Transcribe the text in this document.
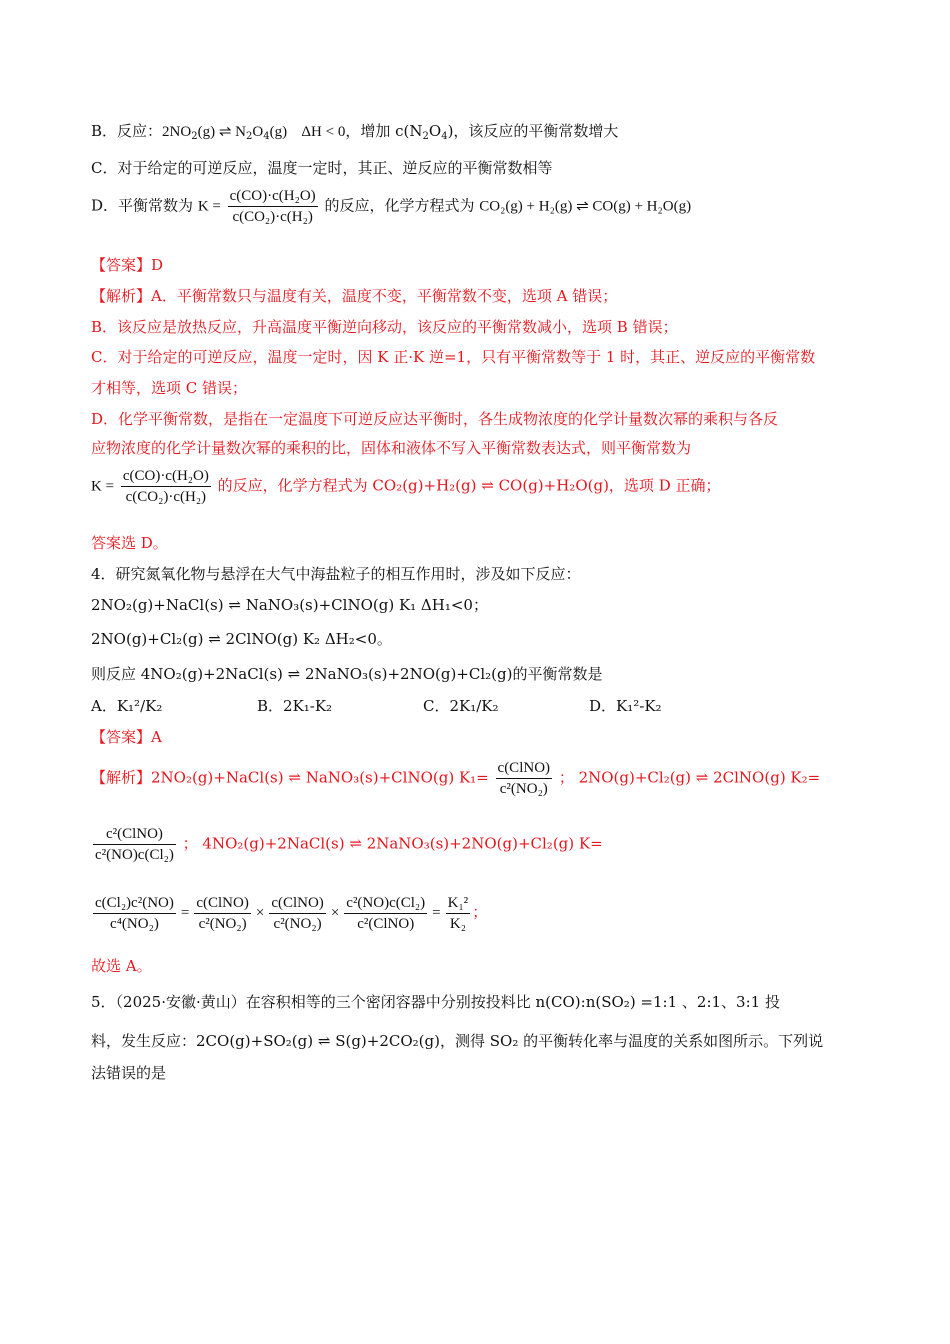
B．反应：$2NO_2(g)$ ⇌ $N_2O_4(g) \Delta H < 0$，增加 $c(N_2O_4)$，该反应的平衡常数增大
C．对于给定的可逆反应，温度一定时，其正、逆反应的平衡常数相等
D．平衡常数为 $K = \frac{\text{c(CO)·c(H₂O)}}{\text{c(CO₂)·c(H₂)}}$ 的反应，化学方程式为 CO₂(g) + H₂(g) ⇌ CO(g) + H₂O(g)
【答案】D
【解析】A．平衡常数只与温度有关，温度不变，平衡常数不变，选项 A 错误；
B．该反应是放热反应，升高温度平衡逆向移动，该反应的平衡常数减小，选项 B 错误；
C．对于给定的可逆反应，温度一定时，因 K 正·K 逆=1，只有平衡常数等于 1 时，其正、逆反应的平衡常数
才相等，选项 C 错误；
D．化学平衡常数，是指在一定温度下可逆反应达平衡时，各生成物浓度的化学计量数次幂的乘积与各反
应物浓度的化学计量数次幂的乘积的比，固体和液体不写入平衡常数表达式，则平衡常数为
$K = \frac{\text{c(CO)·c(H₂O)}}{\text{c(CO₂)·c(H₂)}}$ 的反应，化学方程式为 CO₂(g)+H₂(g) ⇌ CO(g)+H₂O(g)，选项 D 正确；
答案选 D。
4．研究氮氧化物与悬浮在大气中海盐粒子的相互作用时，涉及如下反应：
2NO₂(g)+NaCl(s) ⇌ NaNO₃(s)+ClNO(g) K₁ ΔH₁<0；
2NO(g)+Cl₂(g) ⇌ 2ClNO(g) K₂ ΔH₂<0。
则反应 4NO₂(g)+2NaCl(s) ⇌ 2NaNO₃(s)+2NO(g)+Cl₂(g)的平衡常数是
A．K₁²/K₂	B．2K₁-K₂	C．2K₁/K₂	D．K₁²-K₂
【答案】A
【解析】2NO₂(g)+NaCl(s) ⇌ NaNO₃(s)+ClNO(g) $K_1= \frac{\text{c(ClNO)}}{\text{c²(NO₂)}}$ ； 2NO(g)+Cl₂(g) ⇌ 2ClNO(g) K₂=
$\frac{\text{c²(ClNO)}}{\text{c²(NO)c(Cl₂)}}$ ； 4NO₂(g)+2NaCl(s) ⇌ 2NaNO₃(s)+2NO(g)+Cl₂(g) K=
$\frac{\text{c(Cl₂)c²(NO)}}{\text{c⁴(NO₂)}} = \frac{\text{c(ClNO)}}{\text{c²(NO₂)}} \times \frac{\text{c(ClNO)}}{\text{c²(NO₂)}} \times \frac{\text{c²(NO)c(Cl₂)}}{\text{c²(ClNO)}} = \frac{\text{K₁²}}{\text{K₂}}$ ；
故选 A。
5．（2025·安徽·黄山）在容积相等的三个密闭容器中分别按投料比 n(CO):n(SO₂) =1:1 、2:1、3:1 投
料，发生反应：2CO(g)+SO₂(g) ⇌ S(g)+2CO₂(g)，测得 SO₂ 的平衡转化率与温度的关系如图所示。下列说
法错误的是
